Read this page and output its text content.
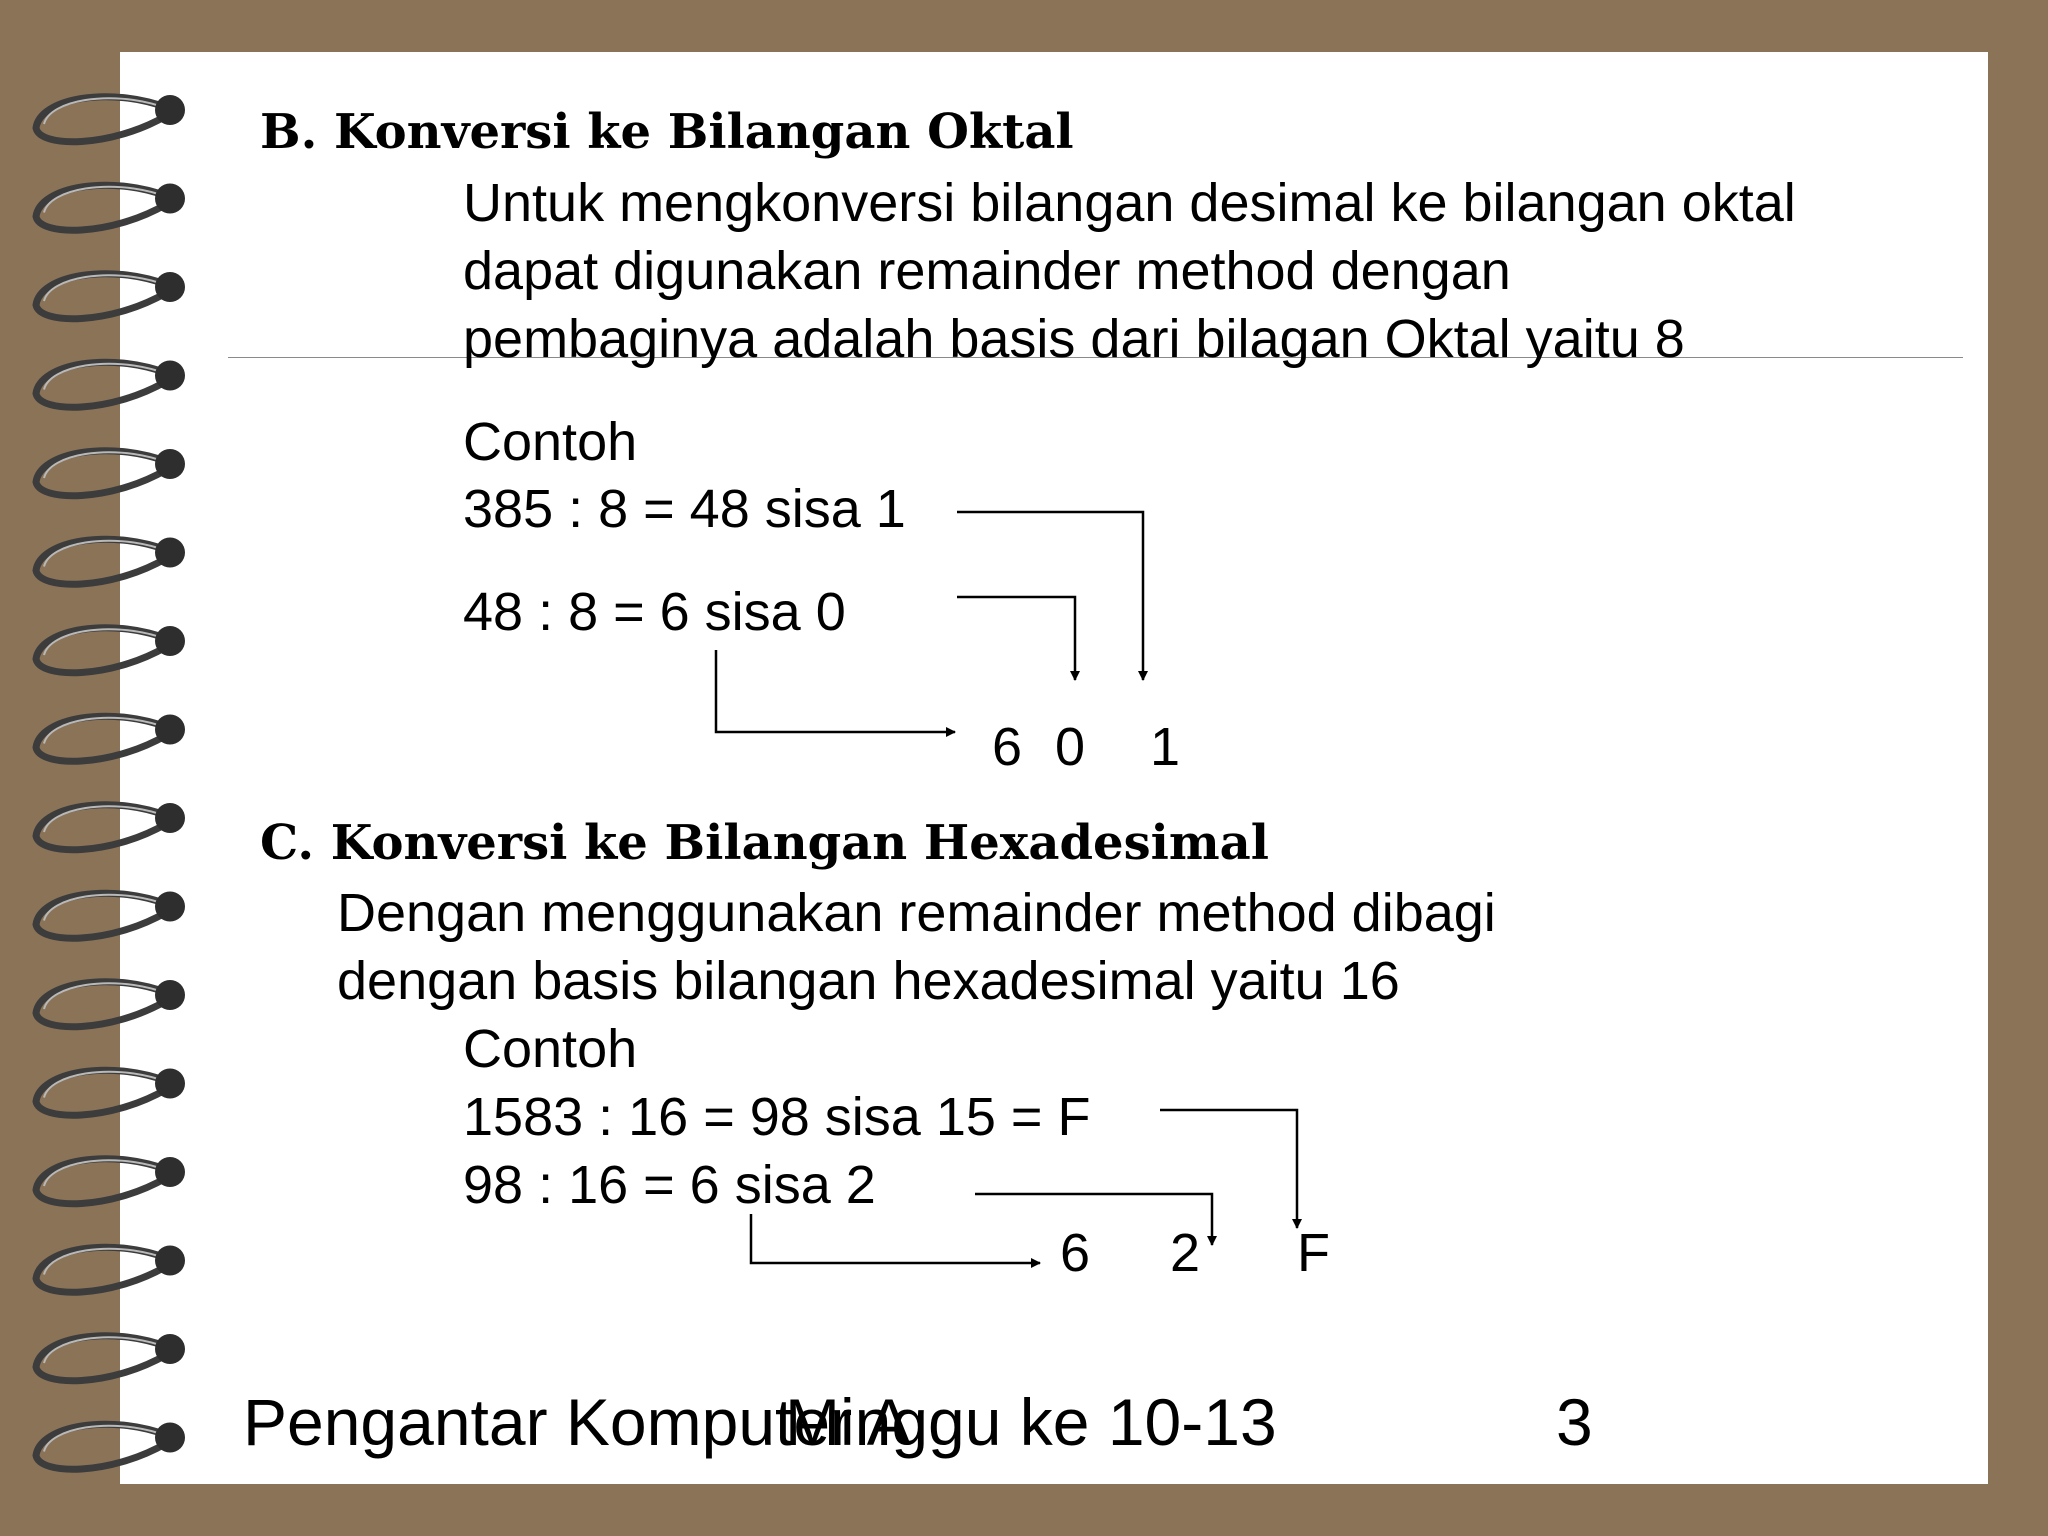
B. Konversi ke Bilangan Oktal
Untuk mengkonversi bilangan desimal ke bilangan oktal
dapat digunakan remainder method dengan
pembaginya adalah basis dari bilagan Oktal yaitu 8
Contoh
385 : 8 = 48 sisa 1
48 : 8 = 6 sisa 0
6 0 1
C. Konversi ke Bilangan Hexadesimal
Dengan menggunakan remainder method dibagi
dengan basis bilangan hexadesimal yaitu 16
Contoh
1583 : 16 = 98 sisa 15 = F
98 : 16 = 6 sisa 2
6 2 F
Pengantar Komputer A
Minggu ke 10-13	3
